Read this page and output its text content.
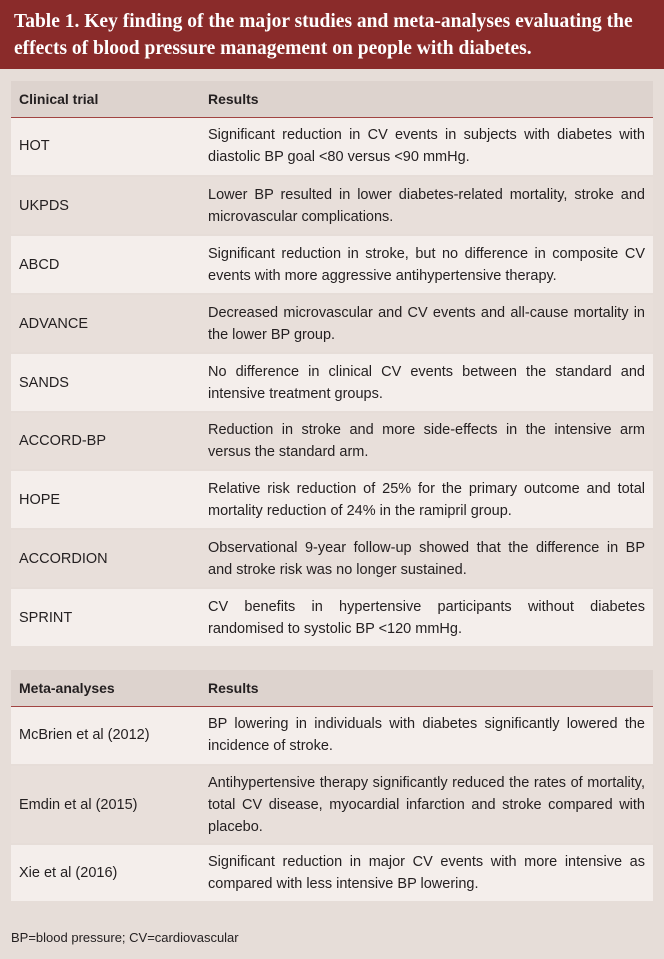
Table 1. Key finding of the major studies and meta-analyses evaluating the effects of blood pressure management on people with diabetes.
Clinical trial	Results
HOT	Significant reduction in CV events in subjects with diabetes with diastolic BP goal <80 versus <90 mmHg.
UKPDS	Lower BP resulted in lower diabetes-related mortality, stroke and microvascular complications.
ABCD	Significant reduction in stroke, but no difference in composite CV events with more aggressive antihypertensive therapy.
ADVANCE	Decreased microvascular and CV events and all-cause mortality in the lower BP group.
SANDS	No difference in clinical CV events between the standard and intensive treatment groups.
ACCORD-BP	Reduction in stroke and more side-effects in the intensive arm versus the standard arm.
HOPE	Relative risk reduction of 25% for the primary outcome and total mortality reduction of 24% in the ramipril group.
ACCORDION	Observational 9-year follow-up showed that the difference in BP and stroke risk was no longer sustained.
SPRINT	CV benefits in hypertensive participants without diabetes randomised to systolic BP <120 mmHg.
Meta-analyses	Results
McBrien et al (2012)	BP lowering in individuals with diabetes significantly lowered the incidence of stroke.
Emdin et al (2015)	Antihypertensive therapy significantly reduced the rates of mortality, total CV disease, myocardial infarction and stroke compared with placebo.
Xie et al (2016)	Significant reduction in major CV events with more intensive as compared with less intensive BP lowering.
BP=blood pressure; CV=cardiovascular
